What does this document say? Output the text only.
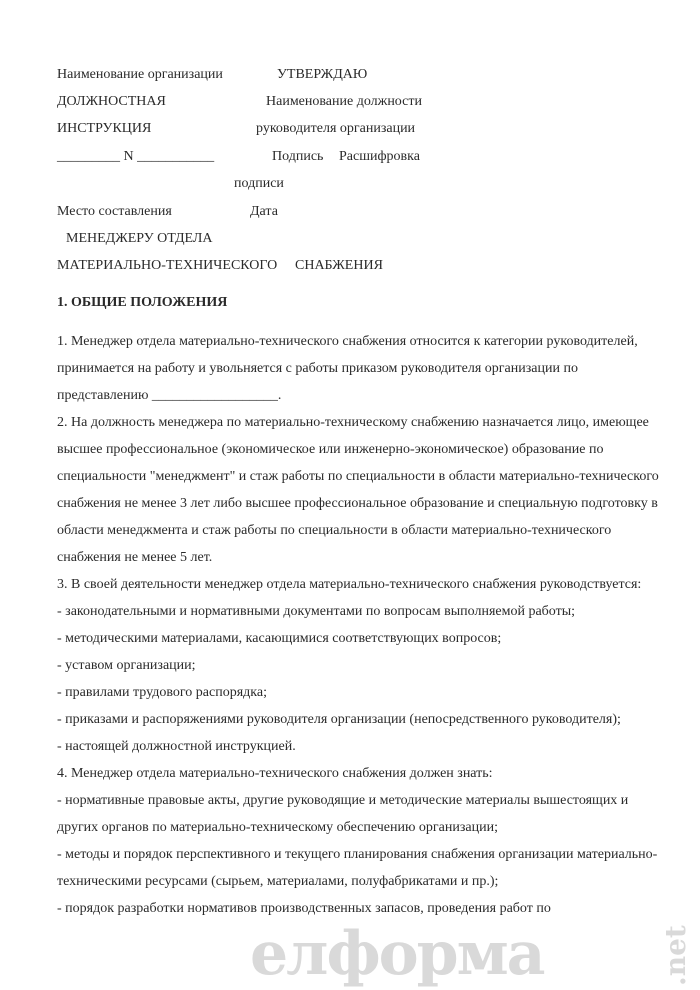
Наименование организации	УТВЕРЖДАЮ
ДОЛЖНОСТНАЯ	Наименование должности
ИНСТРУКЦИЯ	руководителя организации
_________ N ___________	Подпись Расшифровка
подписи
Место составления	Дата
МЕНЕДЖЕРУ ОТДЕЛА
МАТЕРИАЛЬНО-ТЕХНИЧЕСКОГО СНАБЖЕНИЯ
1. ОБЩИЕ ПОЛОЖЕНИЯ
1. Менеджер отдела материально-технического снабжения относится к категории руководителей,
принимается на работу и увольняется с работы приказом руководителя организации по
представлению __________________.
2. На должность менеджера по материально-техническому снабжению назначается лицо, имеющее
высшее профессиональное (экономическое или инженерно-экономическое) образование по
специальности "менеджмент" и стаж работы по специальности в области материально-технического
снабжения не менее 3 лет либо высшее профессиональное образование и специальную подготовку в
области менеджмента и стаж работы по специальности в области материально-технического
снабжения не менее 5 лет.
3. В своей деятельности менеджер отдела материально-технического снабжения руководствуется:
- законодательными и нормативными документами по вопросам выполняемой работы;
- методическими материалами, касающимися соответствующих вопросов;
- уставом организации;
- правилами трудового распорядка;
- приказами и распоряжениями руководителя организации (непосредственного руководителя);
- настоящей должностной инструкцией.
4. Менеджер отдела материально-технического снабжения должен знать:
- нормативные правовые акты, другие руководящие и методические материалы вышестоящих и
других органов по материально-техническому обеспечению организации;
- методы и порядок перспективного и текущего планирования снабжения организации материально-
техническими ресурсами (сырьем, материалами, полуфабрикатами и пр.);
- порядок разработки нормативов производственных запасов, проведения работ по
елформа	.net
